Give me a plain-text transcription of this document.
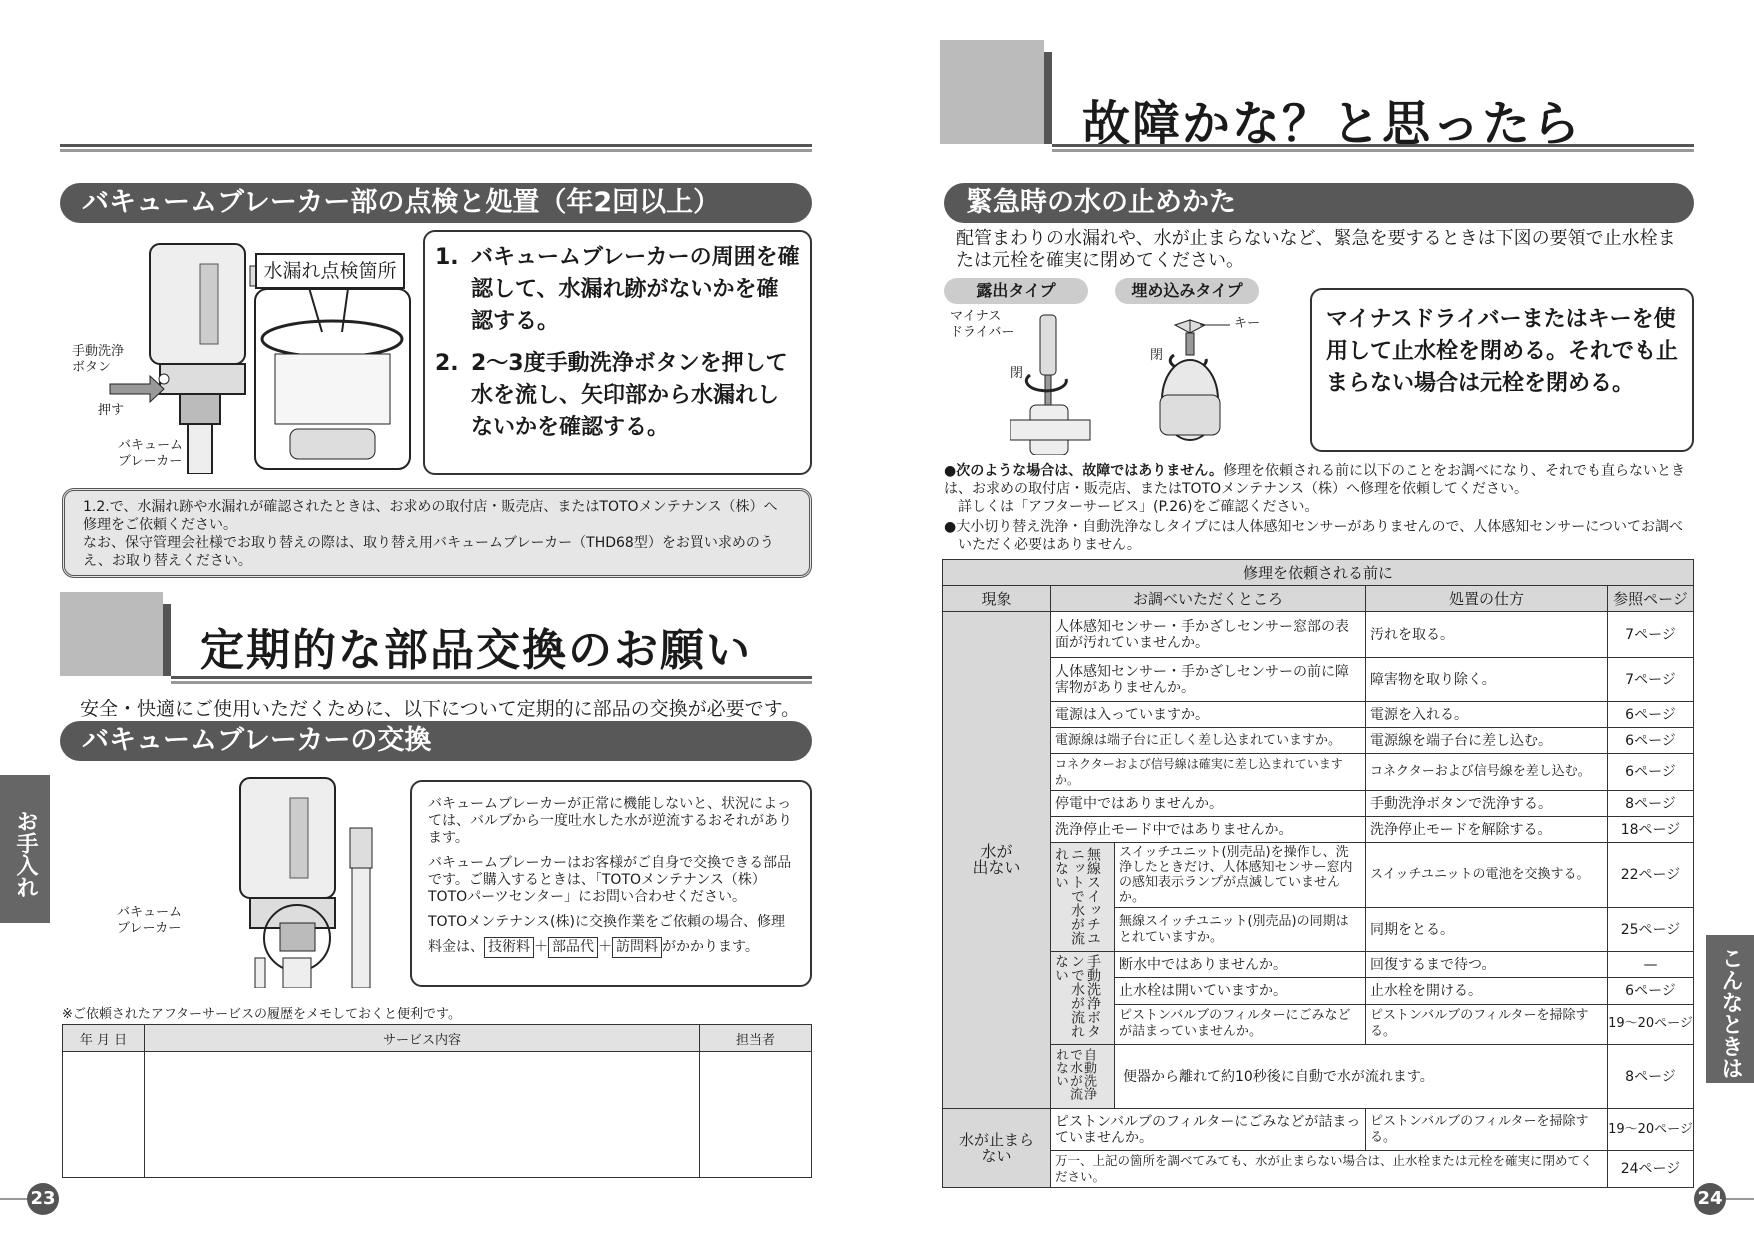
バキュームブレーカー部の点検と処置（年2回以上）
水漏れ点検箇所
手動洗浄
ボタン
押す
バキューム
ブレーカー
1. バキュームブレーカーの周囲を確認して、水漏れ跡がないかを確認する。
2. 2～3度手動洗浄ボタンを押して水を流し、矢印部から水漏れしないかを確認する。
1.2.で、水漏れ跡や水漏れが確認されたときは、お求めの取付店・販売店、またはTOTOメンテナンス（株）へ修理をご依頼ください。
なお、保守管理会社様でお取り替えの際は、取り替え用バキュームブレーカー（THD68型）をお買い求めのうえ、お取り替えください。
定期的な部品交換のお願い
安全・快適にご使用いただくために、以下について定期的に部品の交換が必要です。
バキュームブレーカーの交換
バキューム
ブレーカー

バキュームブレーカーが正常に機能しないと、状況によっては、バルブから一度吐水した水が逆流するおそれがあります。

バキュームブレーカーはお客様がご自身で交換できる部品です。ご購入するときは、「TOTOメンテナンス（株）TOTOパーツセンター」にお問い合わせください。

TOTOメンテナンス(株)に交換作業をご依頼の場合、修理

料金は、 技術料 ＋ 部品代 ＋ 訪問料 がかかります。

※ご依頼されたアフターサービスの履歴をメモしておくと便利です。
年 月 日	サービス内容	担当者

お手入れ
23
故障かな？と思ったら
緊急時の水の止めかた
配管まわりの水漏れや、水が止まらないなど、緊急を要するときは下図の要領で止水栓または元栓を確実に閉めてください。
露出タイプ	埋め込みタイプ
マイナス
ドライバー
閉
閉
キー	マイナスドライバーまたはキーを使用して止水栓を閉める。それでも止まらない場合は元栓を閉める。
●次のような場合は、故障ではありません。修理を依頼される前に以下のことをお調べになり、それでも直らないときは、お求めの取付店・販売店、またはTOTOメンテナンス（株）へ修理を依頼してください。
詳しくは「アフターサービス」(P.26)をご確認ください。
●大小切り替え洗浄・自動洗浄なしタイプには人体感知センサーがありませんので、人体感知センサーについてお調べいただく必要はありません。
修理を依頼される前に				
現象	お調べいただくところ		処置の仕方	参照ページ
水が
出ない	人体感知センサー・手かざしセンサー窓部の表面が汚れていませんか。		汚れを取る。	7ページ
	人体感知センサー・手かざしセンサーの前に障害物がありませんか。		障害物を取り除く。	7ページ
	電源は入っていますか。		電源を入れる。	6ページ
	電源線は端子台に正しく差し込まれていますか。		電源線を端子台に差し込む。	6ページ
	コネクターおよび信号線は確実に差し込まれていますか。		コネクターおよび信号線を差し込む。	6ページ
	停電中ではありませんか。		手動洗浄ボタンで洗浄する。	8ページ
	洗浄停止モード中ではありませんか。		洗浄停止モードを解除する。	18ページ

	無線スイッチユニットで水が流れない	スイッチユニット(別売品)を操作し、洗浄したときだけ、人体感知センサー窓内の感知表示ランプが点滅していませんか。	スイッチユニットの電池を交換する。	22ページ
		無線スイッチユニット(別売品)の同期はとれていますか。	同期をとる。	25ページ

	手動洗浄ボタンで水が流れない	断水中ではありませんか。	回復するまで待つ。	—
		止水栓は開いていますか。	止水栓を開ける。	6ページ
		ピストンバルブのフィルターにごみなどが詰まっていませんか。	ピストンバルブのフィルターを掃除する。	19～20ページ

	自動洗浄で水が流れない	便器から離れて約10秒後に自動で水が流れます。		8ページ
水が止まら
ない	ピストンバルブのフィルターにごみなどが詰まっていませんか。		ピストンバルブのフィルターを掃除する。	19～20ページ
	万一、上記の箇所を調べてみても、水が止まらない場合は、止水栓または元栓を確実に閉めてください。			24ページ
こんなときは
24
